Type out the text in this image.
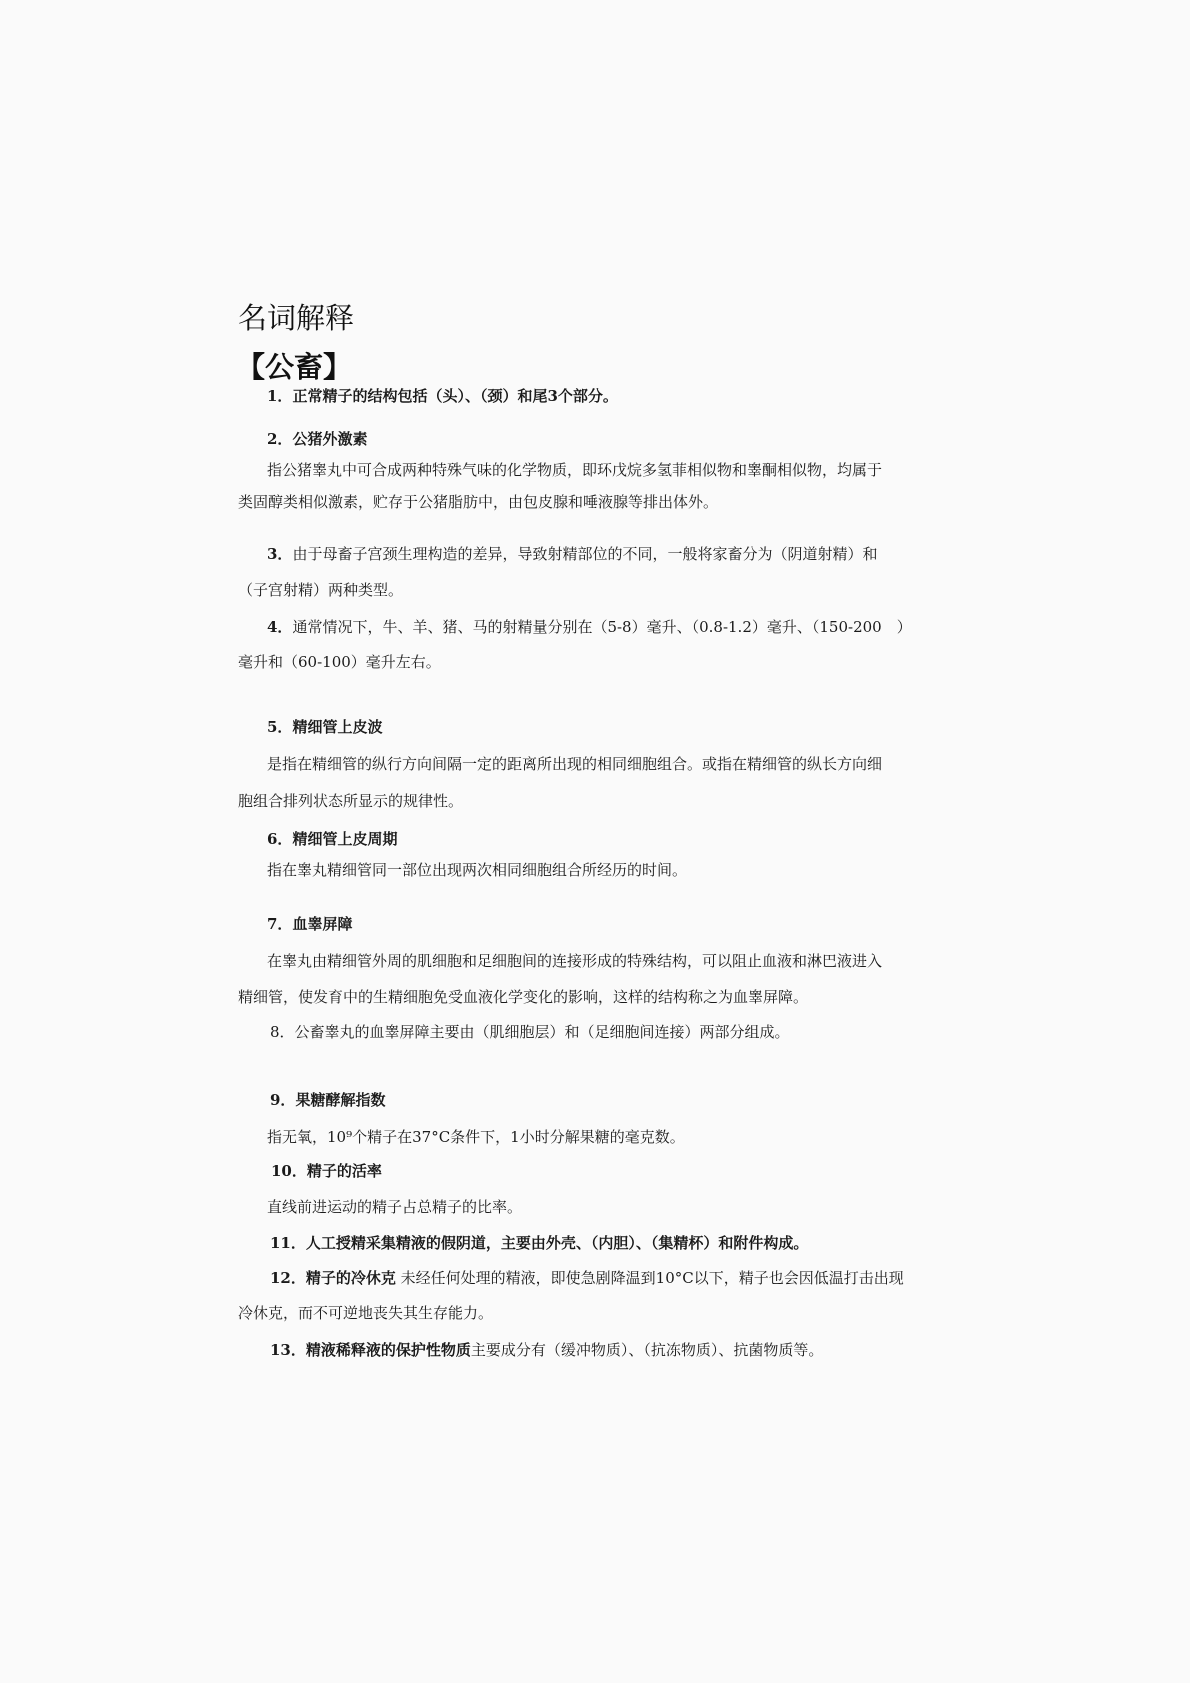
名词解释
【公畜】
1．正常精子的结构包括（头）、（颈）和尾3个部分。
2．公猪外激素
指公猪睾丸中可合成两种特殊气味的化学物质，即环戊烷多氢菲相似物和睾酮相似物，均属于
类固醇类相似激素，贮存于公猪脂肪中，由包皮腺和唾液腺等排出体外。
3．由于母畜子宫颈生理构造的差异，导致射精部位的不同，一般将家畜分为（阴道射精）和
（子宫射精）两种类型。
4．通常情况下，牛、羊、猪、马的射精量分别在（5-8）毫升、（0.8-1.2）毫升、（150-200　）
毫升和（60-100）毫升左右。
5．精细管上皮波
是指在精细管的纵行方向间隔一定的距离所出现的相同细胞组合。或指在精细管的纵长方向细
胞组合排列状态所显示的规律性。
6．精细管上皮周期
指在睾丸精细管同一部位出现两次相同细胞组合所经历的时间。
7．血睾屏障
在睾丸由精细管外周的肌细胞和足细胞间的连接形成的特殊结构，可以阻止血液和淋巴液进入
精细管，使发育中的生精细胞免受血液化学变化的影响，这样的结构称之为血睾屏障。
8．公畜睾丸的血睾屏障主要由（肌细胞层）和（足细胞间连接）两部分组成。
9．果糖酵解指数
指无氧，10⁹个精子在37°C条件下，1小时分解果糖的毫克数。
10．精子的活率
直线前进运动的精子占总精子的比率。
11．人工授精采集精液的假阴道，主要由外壳、（内胆）、（集精杯）和附件构成。
12．精子的冷休克 未经任何处理的精液，即使急剧降温到10°C以下，精子也会因低温打击出现
冷休克，而不可逆地丧失其生存能力。
13．精液稀释液的保护性物质主要成分有（缓冲物质）、（抗冻物质）、抗菌物质等。
